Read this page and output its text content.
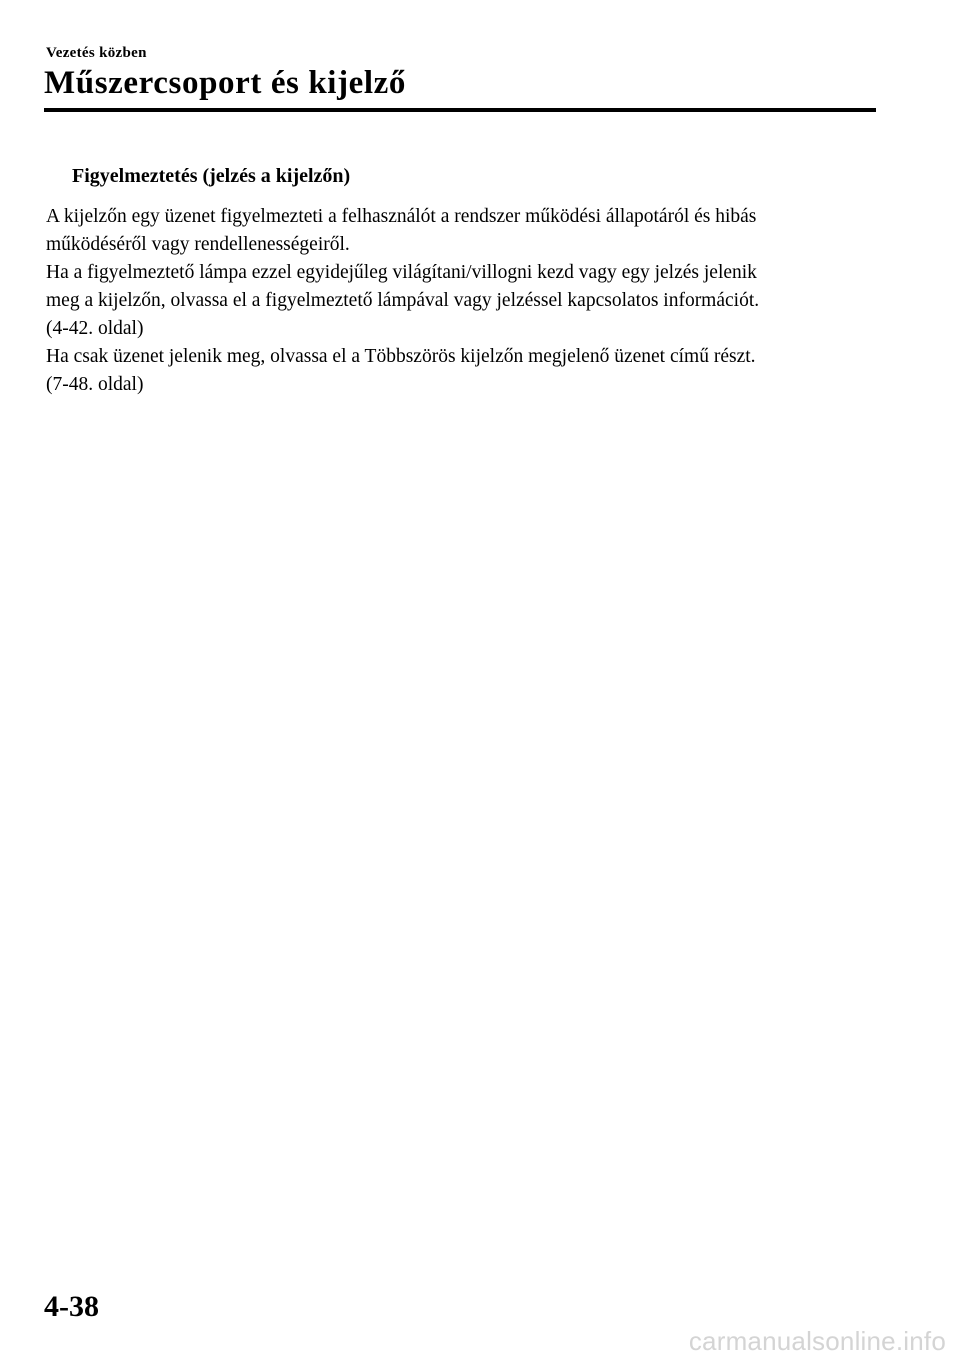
Vezetés közben
Műszercsoport és kijelző
Figyelmeztetés (jelzés a kijelzőn)
A kijelzőn egy üzenet figyelmezteti a felhasználót a rendszer működési állapotáról és hibás
működéséről vagy rendellenességeiről.
Ha a figyelmeztető lámpa ezzel egyidejűleg világítani/villogni kezd vagy egy jelzés jelenik
meg a kijelzőn, olvassa el a figyelmeztető lámpával vagy jelzéssel kapcsolatos információt.
(4-42. oldal)
Ha csak üzenet jelenik meg, olvassa el a Többszörös kijelzőn megjelenő üzenet című részt.
(7-48. oldal)
4-38
carmanualsonline.info
